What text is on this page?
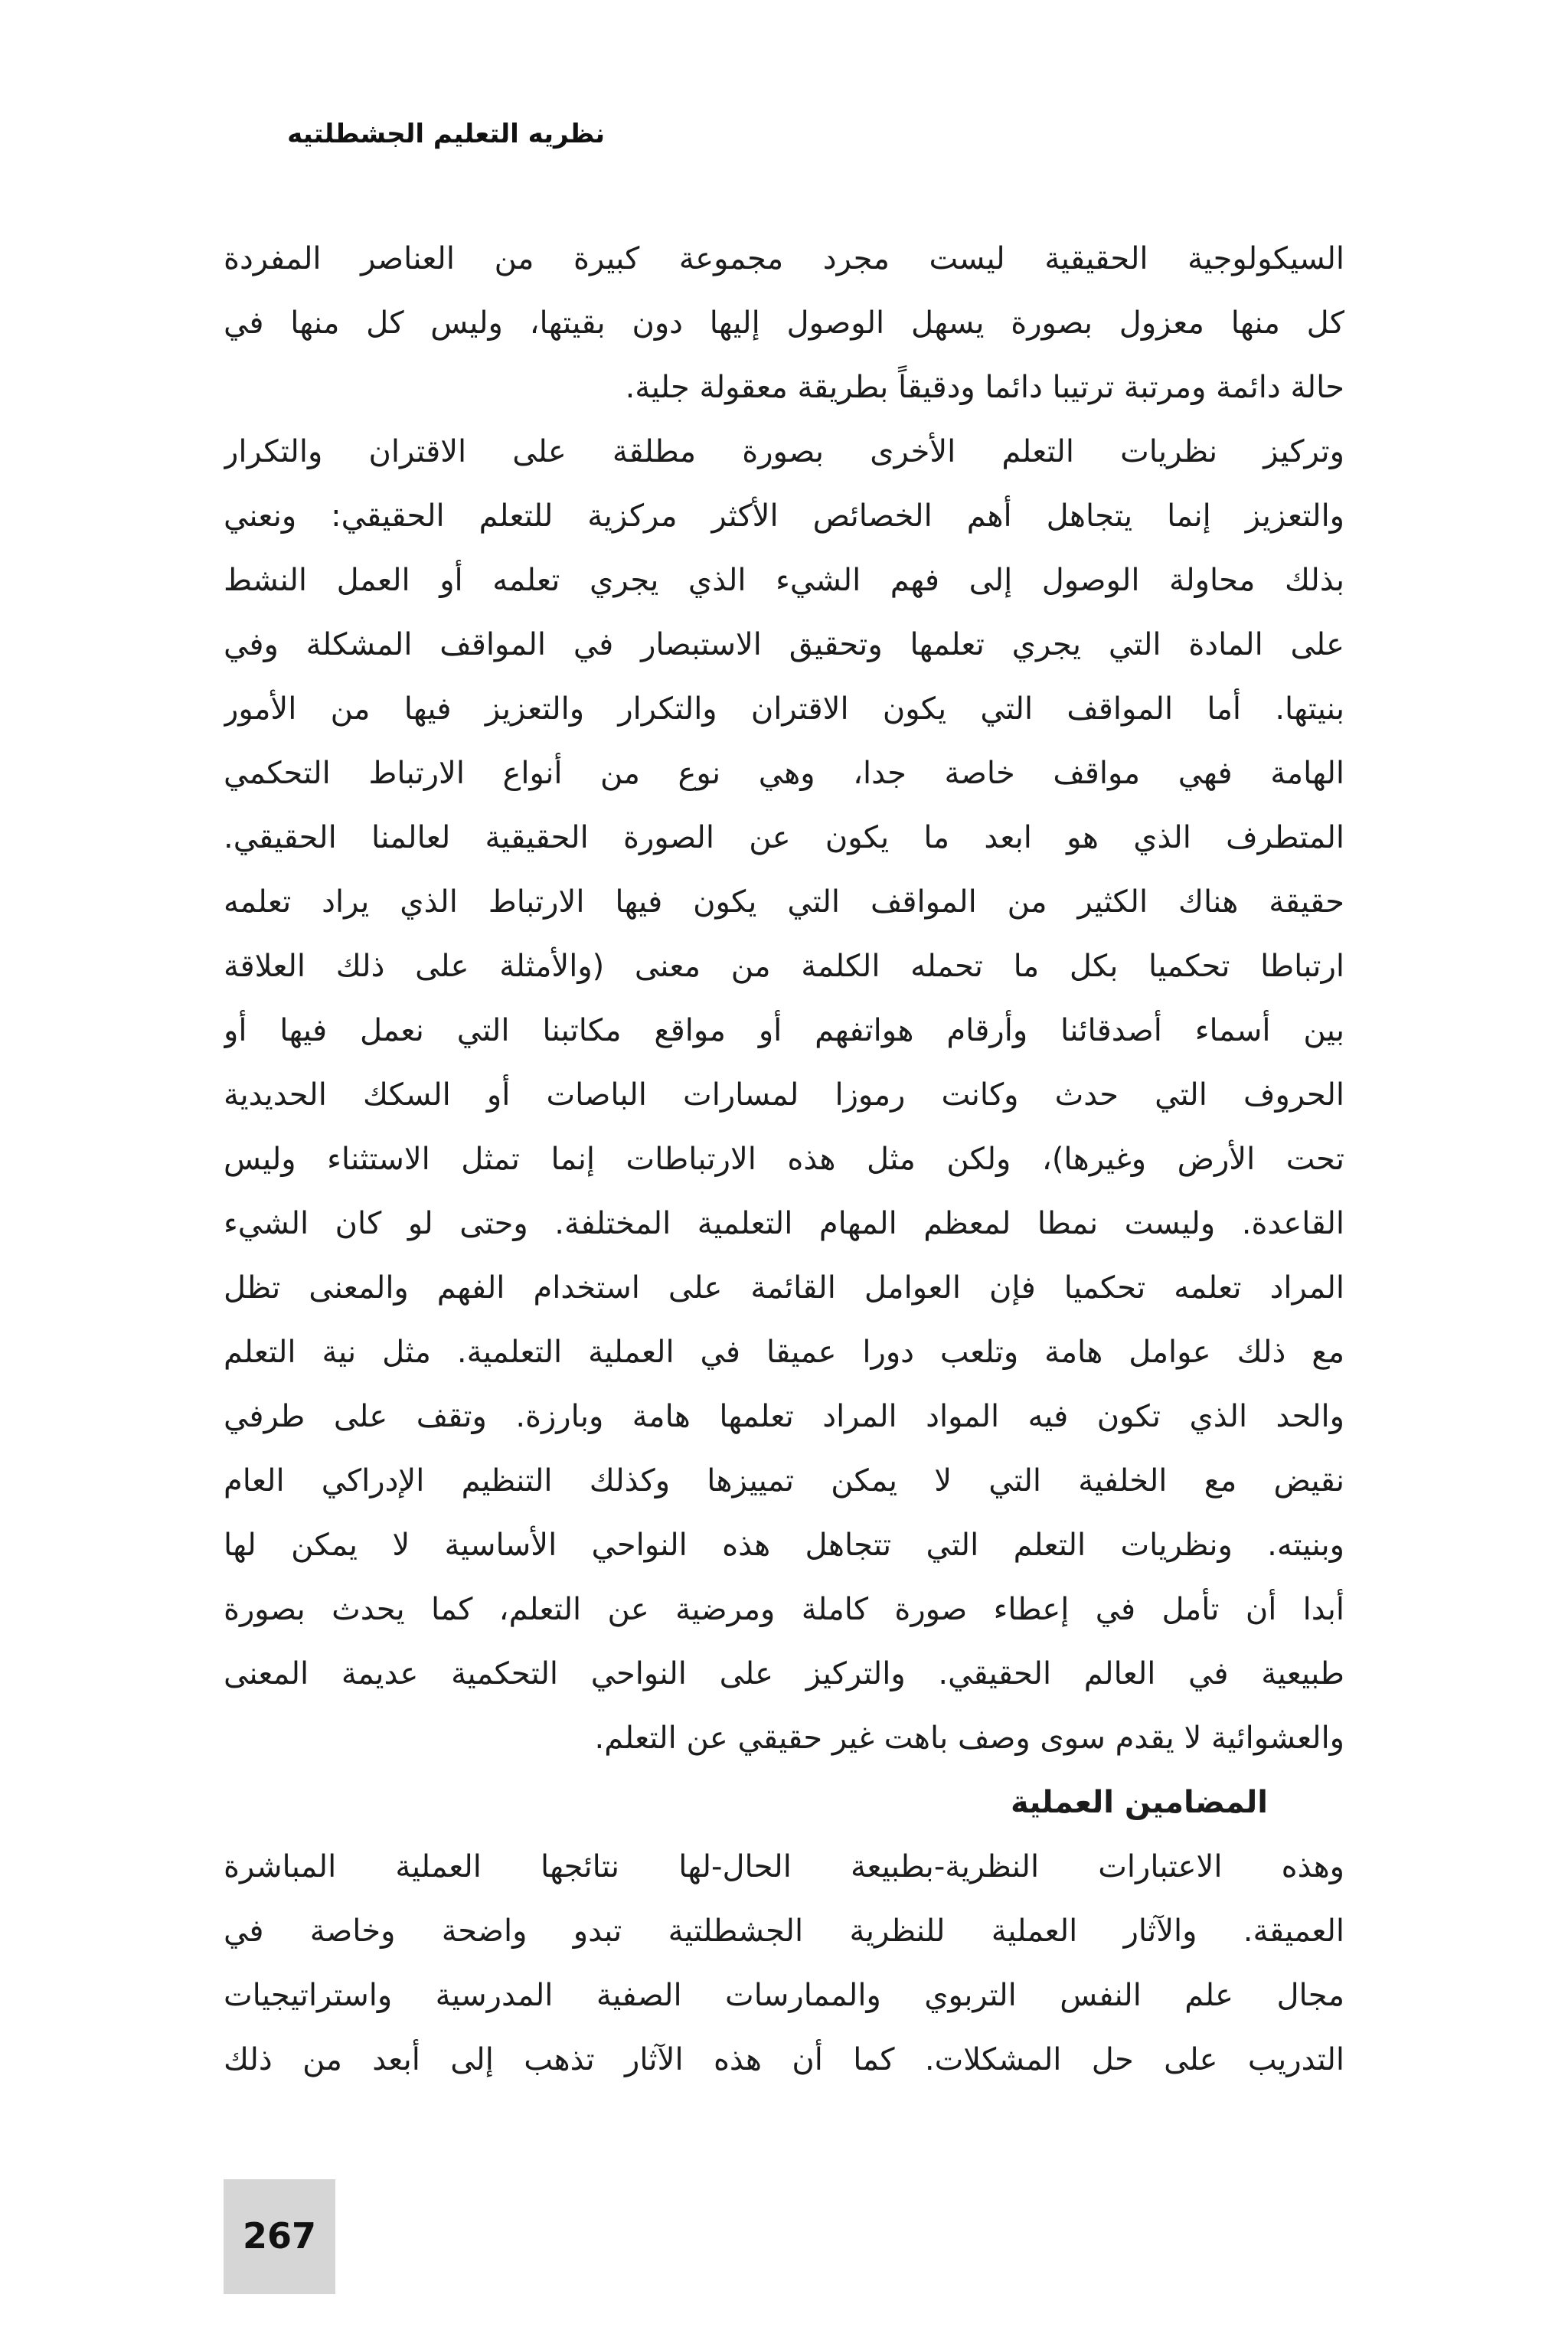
نظريه التعليم الجشطلتيه
السيكولوجية الحقيقية ليست مجرد مجموعة كبيرة من العناصر المفردة
كل منها معزول بصورة يسهل الوصول إليها دون بقيتها، وليس كل منها في
حالة دائمة ومرتبة ترتيبا دائما ودقيقاً بطريقة معقولة جلية.
وتركيز نظريات التعلم الأخرى بصورة مطلقة على الاقتران والتكرار
والتعزيز إنما يتجاهل أهم الخصائص الأكثر مركزية للتعلم الحقيقي: ونعني
بذلك محاولة الوصول إلى فهم الشيء الذي يجري تعلمه أو العمل النشط
على المادة التي يجري تعلمها وتحقيق الاستبصار في المواقف المشكلة وفي
بنيتها. أما المواقف التي يكون الاقتران والتكرار والتعزيز فيها من الأمور
الهامة فهي مواقف خاصة جدا، وهي نوع من أنواع الارتباط التحكمي
المتطرف الذي هو ابعد ما يكون عن الصورة الحقيقية لعالمنا الحقيقي.
حقيقة هناك الكثير من المواقف التي يكون فيها الارتباط الذي يراد تعلمه
ارتباطا تحكميا بكل ما تحمله الكلمة من معنى (والأمثلة على ذلك العلاقة
بين أسماء أصدقائنا وأرقام هواتفهم أو مواقع مكاتبنا التي نعمل فيها أو
الحروف التي حدث وكانت رموزا لمسارات الباصات أو السكك الحديدية
تحت الأرض وغيرها)، ولكن مثل هذه الارتباطات إنما تمثل الاستثناء وليس
القاعدة. وليست نمطا لمعظم المهام التعلمية المختلفة. وحتى لو كان الشيء
المراد تعلمه تحكميا فإن العوامل القائمة على استخدام الفهم والمعنى تظل
مع ذلك عوامل هامة وتلعب دورا عميقا في العملية التعلمية. مثل نية التعلم
والحد الذي تكون فيه المواد المراد تعلمها هامة وبارزة. وتقف على طرفي
نقيض مع الخلفية التي لا يمكن تمييزها وكذلك التنظيم الإدراكي العام
وبنيته. ونظريات التعلم التي تتجاهل هذه النواحي الأساسية لا يمكن لها
أبدا أن تأمل في إعطاء صورة كاملة ومرضية عن التعلم، كما يحدث بصورة
طبيعية في العالم الحقيقي. والتركيز على النواحي التحكمية عديمة المعنى
والعشوائية لا يقدم سوى وصف باهت غير حقيقي عن التعلم.
المضامين العملية
وهذه الاعتبارات النظرية-بطبيعة الحال-لها نتائجها العملية المباشرة
العميقة. والآثار العملية للنظرية الجشطلتية تبدو واضحة وخاصة في
مجال علم النفس التربوي والممارسات الصفية المدرسية واستراتيجيات
التدريب على حل المشكلات. كما أن هذه الآثار تذهب إلى أبعد من ذلك
267
